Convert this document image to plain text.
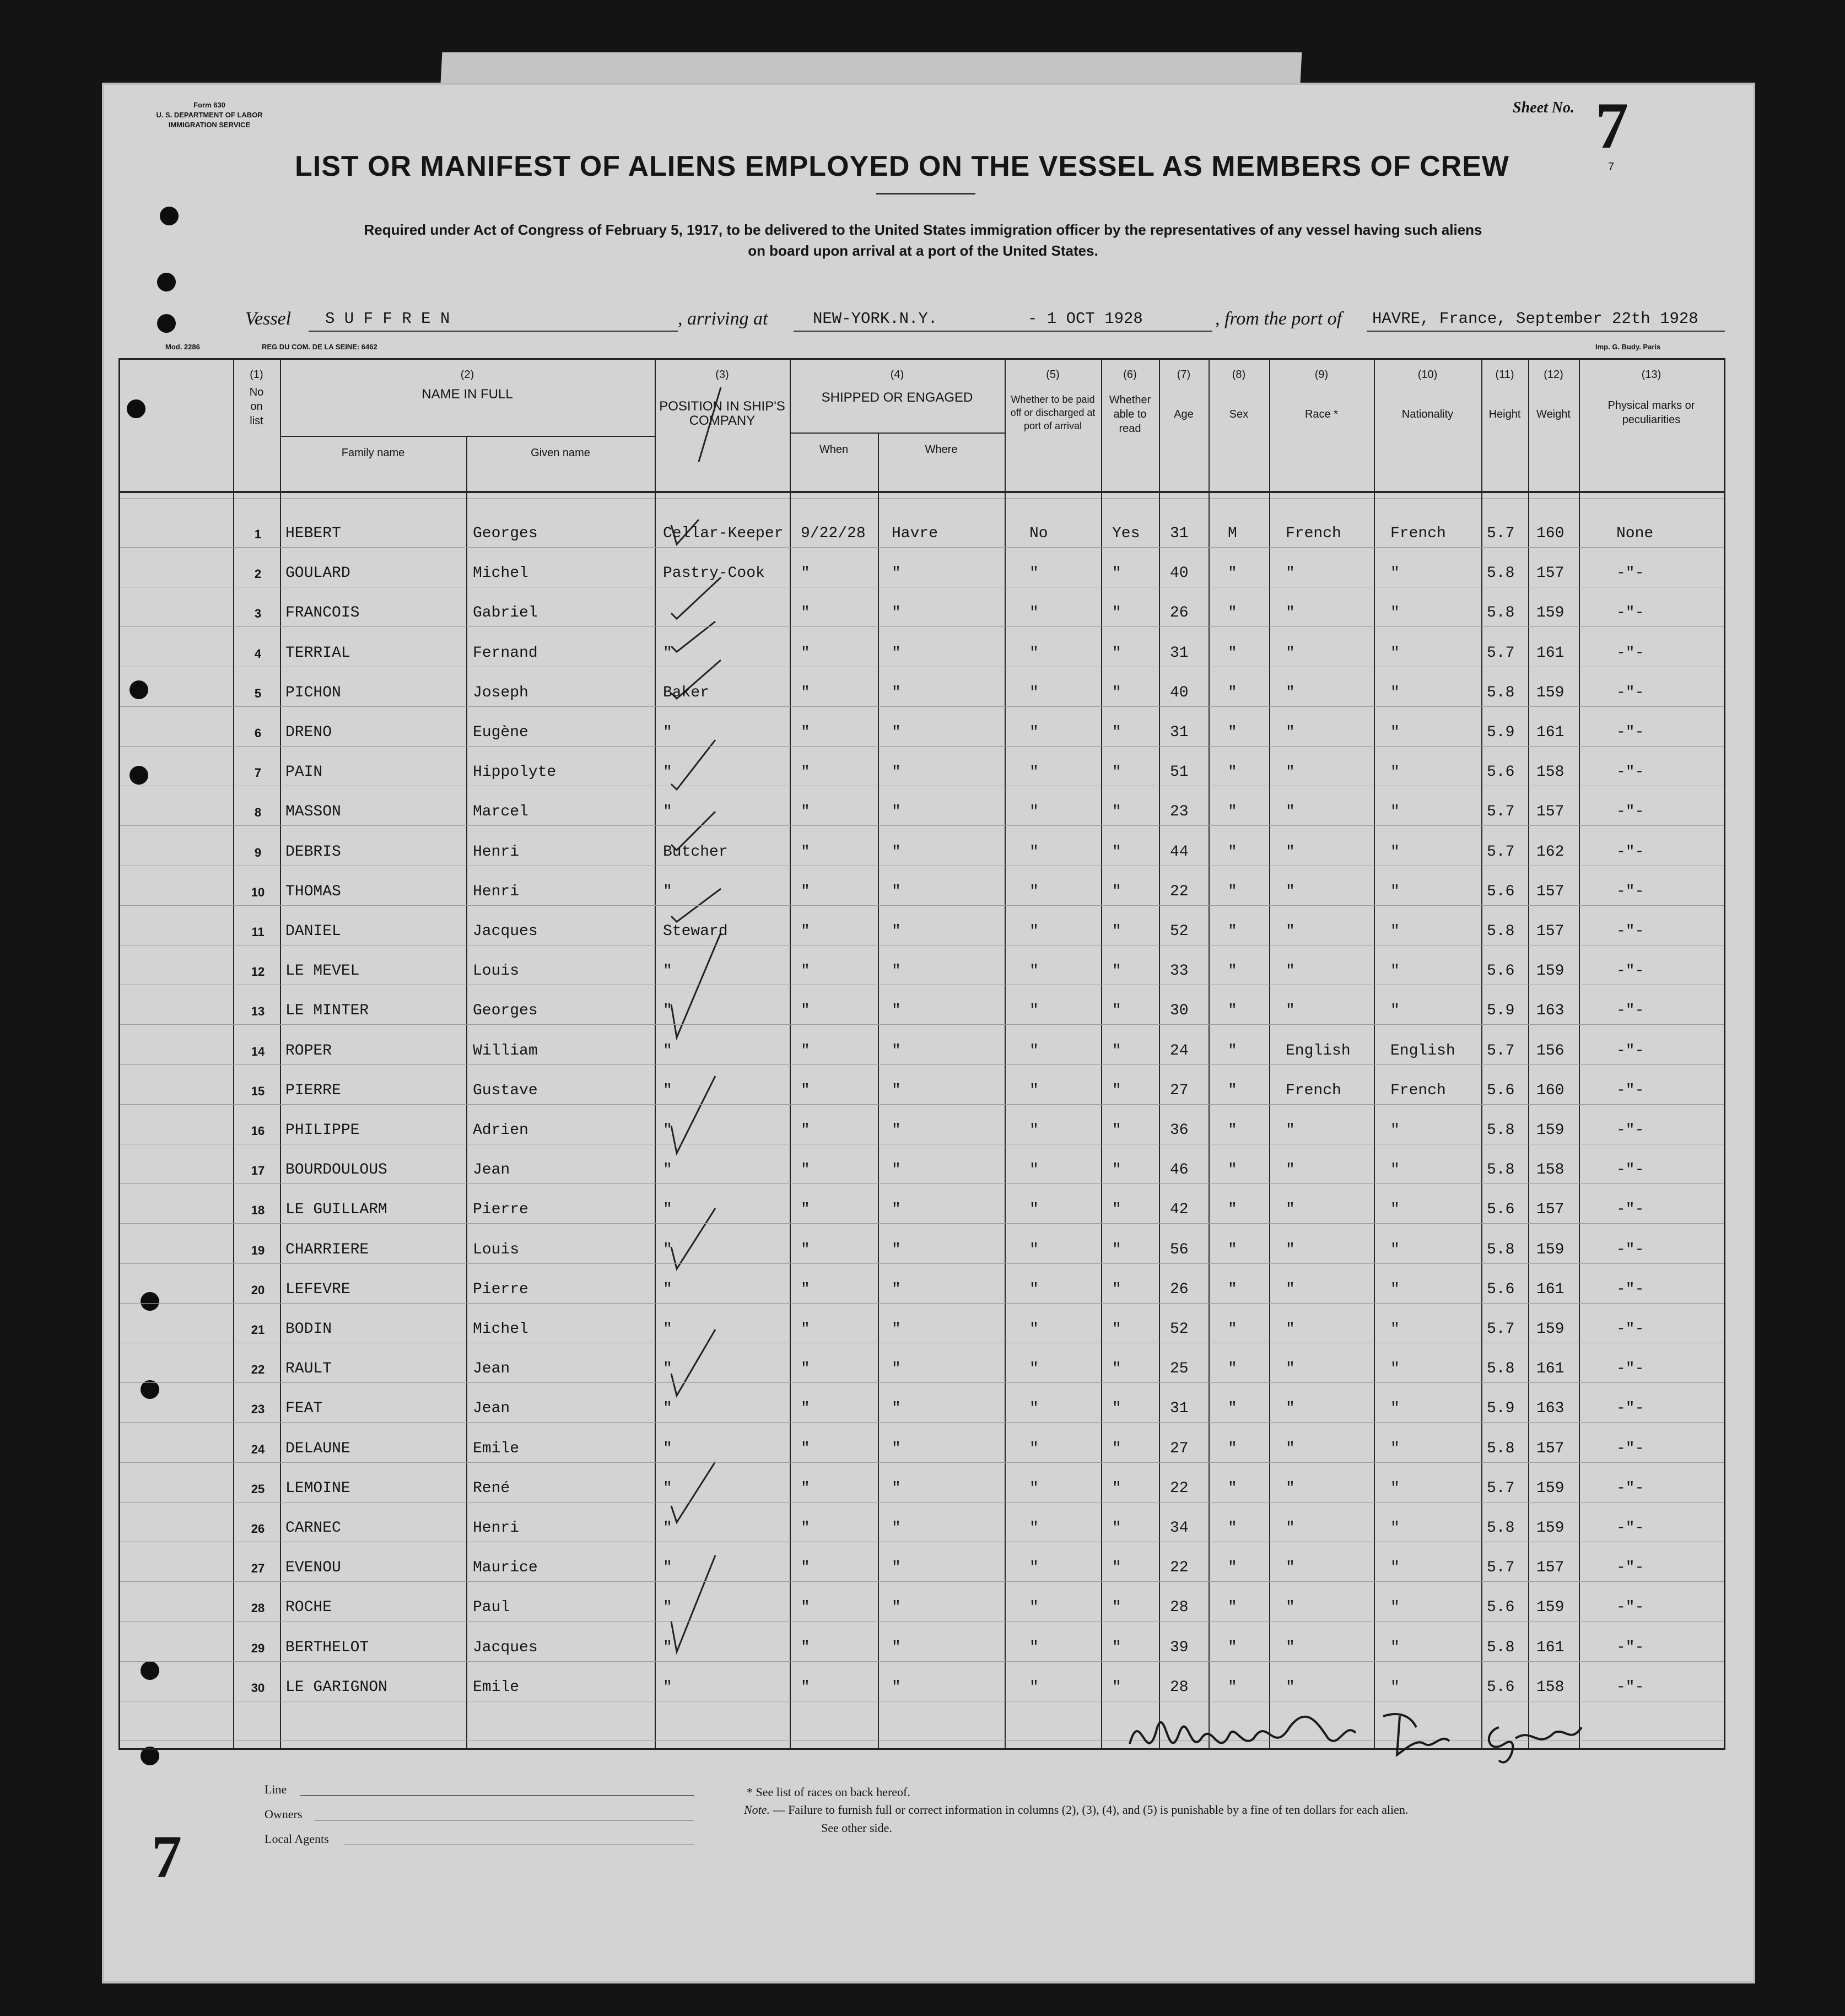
Form 630
U. S. DEPARTMENT OF LABOR
IMMIGRATION SERVICE
Sheet No. 7
7
LIST OR MANIFEST OF ALIENS EMPLOYED ON THE VESSEL AS MEMBERS OF CREW
Required under Act of Congress of February 5, 1917, to be delivered to the United States immigration officer by the representatives of any vessel having such aliens
on board upon arrival at a port of the United States.
Vessel S U F F R E N	, arriving at	NEW-YORK.N.Y.	- 1 OCT 1928	, from the port of HAVRE, France, September 22th 1928
Mod. 2286	REG DU COM. DE LA SEINE: 6462	Imp. G. Budy. Paris
(1)
No on list
(2)
NAME IN FULL
Family name	Given name
(3)
POSITION IN SHIP'S COMPANY
(4)
SHIPPED OR ENGAGED
When	Where
(5)
Whether to be paid off or discharged at port of arrival
(6)
Whether able to read
(7)
Age
(8)
Sex
(9)
Race *
(10)
Nationality
(11)
Height
(12)
Weight
(13)
Physical marks or peculiarities
1	HEBERT	Georges	Cellar-Keeper 9/22/28 Havre	No	Yes 31	M	French	French	5.7 160	None
2	GOULARD	Michel	Pastry-Cook "	"	"	"	40	"	"	"	5.8 157	-"-
3	FRANCOIS	Gabriel	"	"	"	"	26	"	"	"	5.8 159	-"-
4	TERRIAL	Fernand	"	"	"	"	"	31	"	"	"	5.7 161	-"-
5	PICHON	Joseph	Baker	"	"	"	"	40	"	"	"	5.8 159	-"-
6	DRENO	Eugène	"	"	"	"	"	31	"	"	"	5.9 161	-"-
7	PAIN	Hippolyte	"	"	"	"	"	51	"	"	"	5.6 158	-"-
8	MASSON	Marcel	"	"	"	"	"	23	"	"	"	5.7 157	-"-
9	DEBRIS	Henri	Butcher	"	"	"	"	44	"	"	"	5.7 162	-"-
10	THOMAS	Henri	"	"	"	"	"	22	"	"	"	5.6 157	-"-
11	DANIEL	Jacques	Steward	"	"	"	"	52	"	"	"	5.8 157	-"-
12	LE MEVEL	Louis	"	"	"	"	"	33	"	"	"	5.6 159	-"-
13	LE MINTER	Georges	"	"	"	"	"	30	"	"	"	5.9 163	-"-
14	ROPER	William	"	"	"	"	"	24	"	English	English 5.7 156	-"-
15	PIERRE	Gustave	"	"	"	"	"	27	"	French	French	5.6 160	-"-
16	PHILIPPE	Adrien	"	"	"	"	"	36	"	"	"	5.8 159	-"-
17	BOURDOULOUS	Jean	"	"	"	"	"	46	"	"	"	5.8 158	-"-
18	LE GUILLARM	Pierre	"	"	"	"	"	42	"	"	"	5.6 157	-"-
19	CHARRIERE	Louis	"	"	"	"	"	56	"	"	"	5.8 159	-"-
20	LEFEVRE	Pierre	"	"	"	"	"	26	"	"	"	5.6 161	-"-
21	BODIN	Michel	"	"	"	"	"	52	"	"	"	5.7 159	-"-
22	RAULT	Jean	"	"	"	"	"	25	"	"	"	5.8 161	-"-
23	FEAT	Jean	"	"	"	"	"	31	"	"	"	5.9 163	-"-
24	DELAUNE	Emile	"	"	"	"	"	27	"	"	"	5.8 157	-"-
25	LEMOINE	René	"	"	"	"	"	22	"	"	"	5.7 159	-"-
26	CARNEC	Henri	"	"	"	"	"	34	"	"	"	5.8 159	-"-
27	EVENOU	Maurice	"	"	"	"	"	22	"	"	"	5.7 157	-"-
28	ROCHE	Paul	"	"	"	"	"	28	"	"	"	5.6 159	-"-
29	BERTHELOT	Jacques	"	"	"	"	"	39	"	"	"	5.8 161	-"-
30	LE GARIGNON	Emile	"	"	"	"	"	28	"	"	"	5.6 158	-"-
Line
Owners
Local Agents
* See list of races on back hereof.
Note. — Failure to furnish full or correct information in columns (2), (3), (4), and (5) is punishable by a fine of ten dollars for each alien.
See other side.
7
